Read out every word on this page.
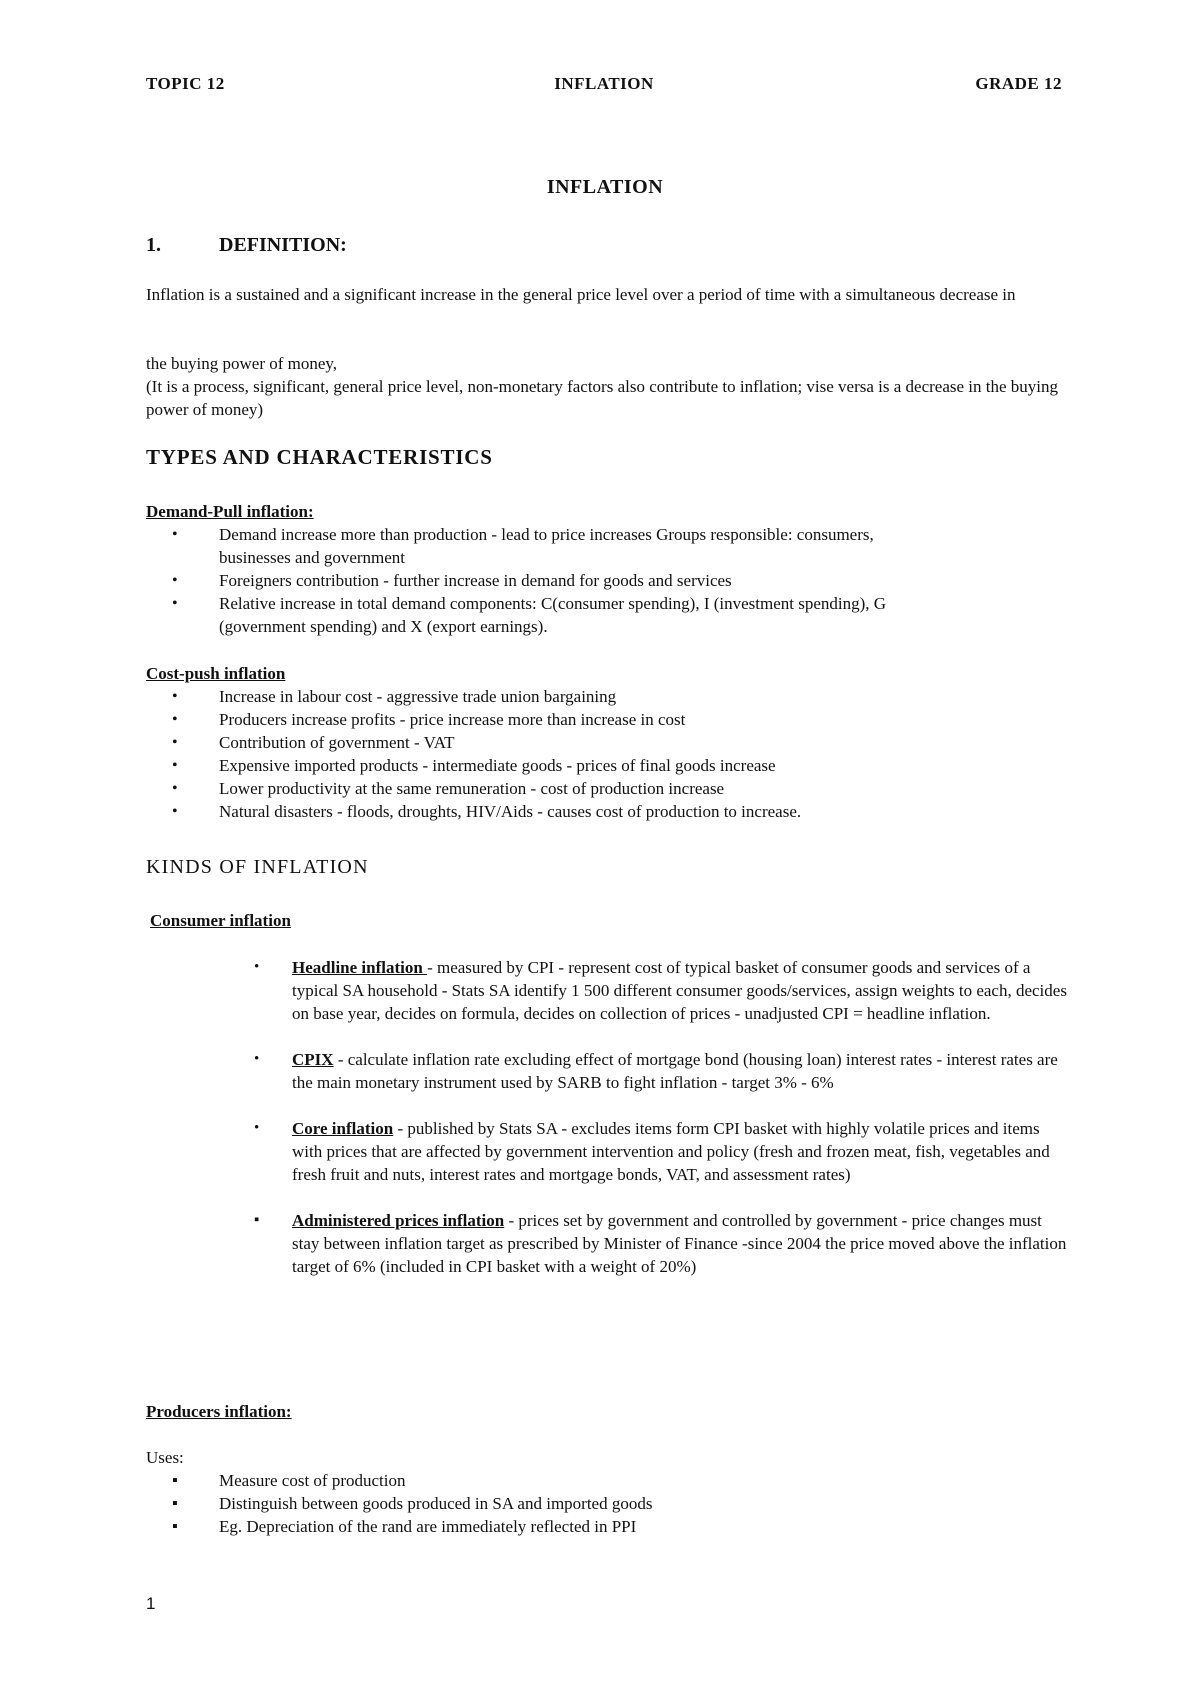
TOPIC 12	INFLATION	GRADE 12
INFLATION
1.	DEFINITION:
Inflation is a sustained and a significant increase in the general price level over a period of time with a simultaneous decrease in
the buying power of money,
(It is a process, significant, general price level, non-monetary factors also contribute to inflation; vise versa is a decrease in the buying power of money)
TYPES AND CHARACTERISTICS
Demand-Pull inflation:
• Demand increase more than production - lead to price increases Groups responsible: consumers, businesses and government
• Foreigners contribution - further increase in demand for goods and services
• Relative increase in total demand components: C(consumer spending), I (investment spending), G (government spending) and X (export earnings).
Cost-push inflation
• Increase in labour cost - aggressive trade union bargaining
• Producers increase profits - price increase more than increase in cost
• Contribution of government - VAT
• Expensive imported products - intermediate goods - prices of final goods increase
• Lower productivity at the same remuneration - cost of production increase
• Natural disasters - floods, droughts, HIV/Aids - causes cost of production to increase.
KINDS OF INFLATION
Consumer inflation
• Headline inflation - measured by CPI - represent cost of typical basket of consumer goods and services of a typical SA household - Stats SA identify 1 500 different consumer goods/services, assign weights to each, decides on base year, decides on formula, decides on collection of prices - unadjusted CPI = headline inflation.
• CPIX - calculate inflation rate excluding effect of mortgage bond (housing loan) interest rates - interest rates are the main monetary instrument used by SARB to fight inflation - target 3% - 6%
• Core inflation - published by Stats SA - excludes items form CPI basket with highly volatile prices and items with prices that are affected by government intervention and policy (fresh and frozen meat, fish, vegetables and fresh fruit and nuts, interest rates and mortgage bonds, VAT, and assessment rates)
▪ Administered prices inflation - prices set by government and controlled by government - price changes must stay between inflation target as prescribed by Minister of Finance -since 2004 the price moved above the inflation target of 6% (included in CPI basket with a weight of 20%)
Producers inflation:
Uses:
▪ Measure cost of production
▪ Distinguish between goods produced in SA and imported goods
▪ Eg. Depreciation of the rand are immediately reflected in PPI
1
